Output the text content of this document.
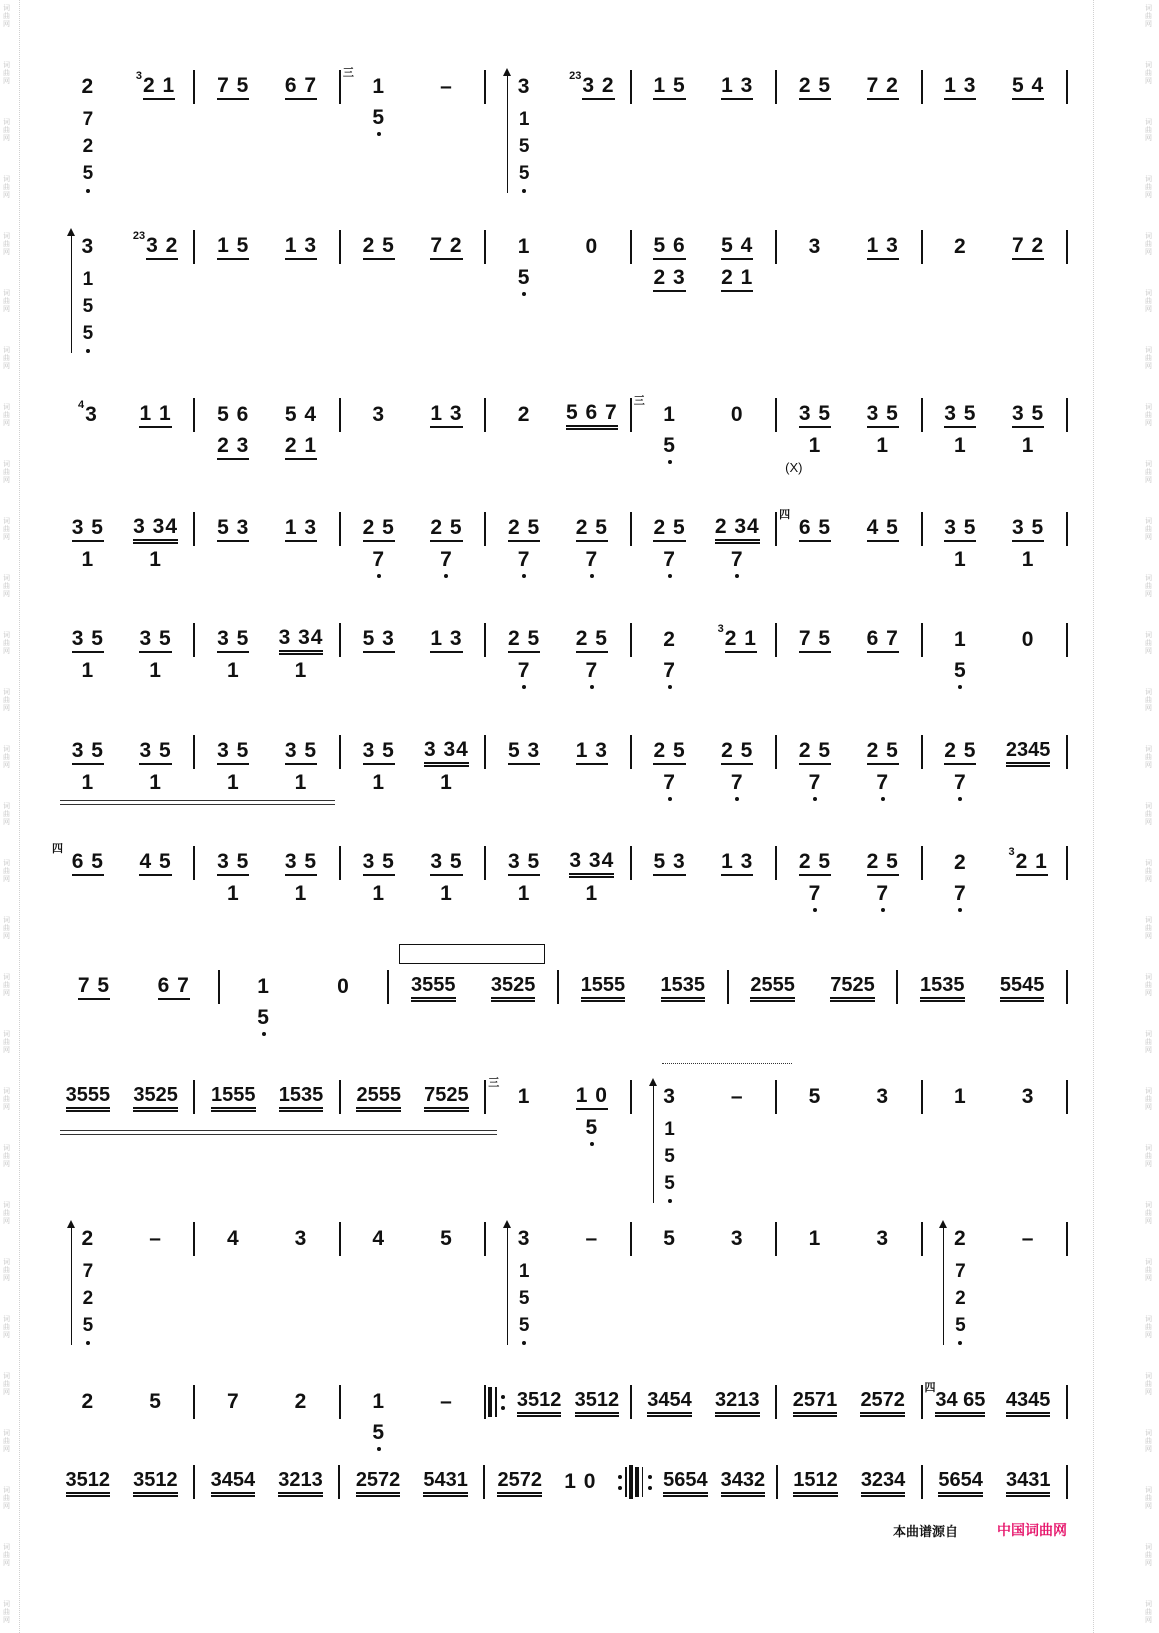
词曲网
词曲网
词曲网
词曲网
词曲网
词曲网
词曲网
词曲网
词曲网
词曲网
词曲网
词曲网
词曲网
词曲网
词曲网
词曲网
词曲网
词曲网
词曲网
词曲网
词曲网
词曲网
词曲网
词曲网
词曲网
词曲网
词曲网
词曲网
词曲网
词曲网
词曲网
词曲网
词曲网
词曲网
词曲网
词曲网
词曲网
词曲网
词曲网
词曲网
词曲网
词曲网
词曲网
词曲网
词曲网
词曲网
词曲网
词曲网
词曲网
词曲网
词曲网
词曲网
词曲网
词曲网
词曲网
词曲网
词曲网
词曲网
本曲谱源自	中国词曲网
2	$^3$2 1
7
2
5
7 5	6 7	1	–
5
三
3	$^{23}$3 2
1
5
5
1 5	1 3	2 5	7 2	1 3	5 4
3	$^{23}$3 2
1
5
5
1 5	1 3	2 5	7 2	1	0
5
5 6	5 4
2 3	2 1
3	1 3	2	7 2
$^4$3	1 1	5 6	5 4
2 3	2 1
3	1 3	2	5 6 7	1	0
5
三
3 5	3 5
1	1
(X)
3 5	3 5
1	1
3 5	3 34
1	1
5 3	1 3	2 5	2 5
7	7
2 5	2 5
7	7
2 5	2 34
7	7
6 5	4 5
四
3 5	3 5
1	1
3 5	3 5
1	1
3 5	3 34
1	1
5 3	1 3	2 5	2 5
7	7
2	$^3$2 1
7
7 5	6 7	1	0
5
3 5	3 5
1	1
3 5	3 5
1	1
3 5	3 34
1	1
5 3	1 3	2 5	2 5
7	7
2 5	2 5
7	7
2 5	2345
7
6 5	4 5
四
3 5	3 5
1	1
3 5	3 5
1	1
3 5	3 34
1	1
5 3	1 3	2 5	2 5
7	7
2	$^3$2 1
7
7 5	6 7	1	0
5
3555	3525	1555	1535	2555	7525	1535	5545
3555	3525	1555	1535	2555	7525	1	1 0
5
三
3	–
1
5
5
5	3	1	3
2	–
7
2
5
4	3	4	5	3	–
1
5
5
5	3	1	3	2	–
7
2
5
2	5	7	2	1	–
5
3512 3512	3454	3213	2571	2572	34 65	4345
四
3512	3512	3454	3213	2572	5431	2572	1 0	5654 3432	1512	3234	5654	3431
